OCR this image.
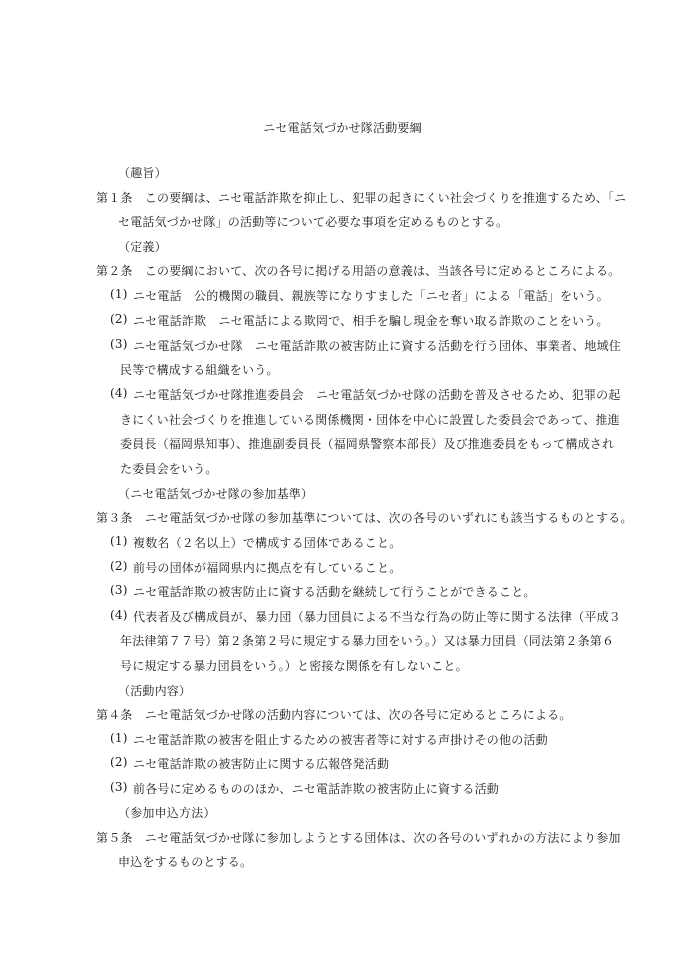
ニセ電話気づかせ隊活動要綱
（趣旨）
第１条　この要綱は、ニセ電話詐欺を抑止し、犯罪の起きにくい社会づくりを推進するため、「ニ
セ電話気づかせ隊」の活動等について必要な事項を定めるものとする。
（定義）
第２条　この要綱において、次の各号に掲げる用語の意義は、当該各号に定めるところによる。
(1) ニセ電話　公的機関の職員、親族等になりすました「ニセ者」による「電話」をいう。
(2) ニセ電話詐欺　ニセ電話による欺罔で、相手を騙し現金を奪い取る詐欺のことをいう。
(3) ニセ電話気づかせ隊　ニセ電話詐欺の被害防止に資する活動を行う団体、事業者、地域住
民等で構成する組織をいう。
(4) ニセ電話気づかせ隊推進委員会　ニセ電話気づかせ隊の活動を普及させるため、犯罪の起
きにくい社会づくりを推進している関係機関・団体を中心に設置した委員会であって、推進
委員長（福岡県知事）、推進副委員長（福岡県警察本部長）及び推進委員をもって構成され
た委員会をいう。
（ニセ電話気づかせ隊の参加基準）
第３条　ニセ電話気づかせ隊の参加基準については、次の各号のいずれにも該当するものとする。
(1) 複数名（２名以上）で構成する団体であること。
(2) 前号の団体が福岡県内に拠点を有していること。
(3) ニセ電話詐欺の被害防止に資する活動を継続して行うことができること。
(4) 代表者及び構成員が、暴力団（暴力団員による不当な行為の防止等に関する法律（平成３
年法律第７７号）第２条第２号に規定する暴力団をいう。）又は暴力団員（同法第２条第６
号に規定する暴力団員をいう。）と密接な関係を有しないこと。
（活動内容）
第４条　ニセ電話気づかせ隊の活動内容については、次の各号に定めるところによる。
(1) ニセ電話詐欺の被害を阻止するための被害者等に対する声掛けその他の活動
(2) ニセ電話詐欺の被害防止に関する広報啓発活動
(3) 前各号に定めるもののほか、ニセ電話詐欺の被害防止に資する活動
（参加申込方法）
第５条　ニセ電話気づかせ隊に参加しようとする団体は、次の各号のいずれかの方法により参加
申込をするものとする。
